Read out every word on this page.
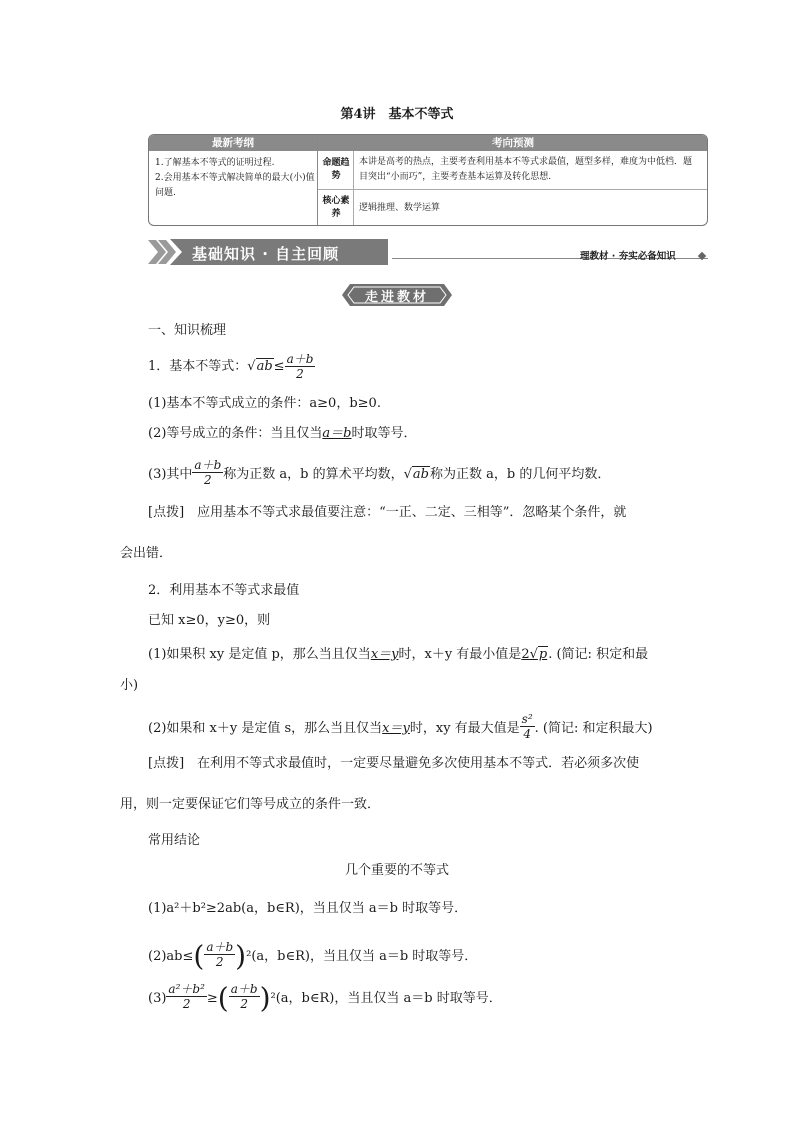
第4讲　基本不等式
最新考纲	考向预测
1.了解基本不等式的证明过程.
2.会用基本不等式解决简单的最大(小)值问题.
命题趋势
本讲是高考的热点，主要考查利用基本不等式求最值，题型多样，难度为中低档．题目突出“小而巧”，主要考查基本运算及转化思想.
核心素养
逻辑推理、数学运算
基础知识 · 自主回顾	理教材 · 夯实必备知识
走进教材
一、知识梳理
1．基本不等式：$√ab\le \frac{a+b}{2}$
(1)基本不等式成立的条件：a≥0，b≥0.
(2)等号成立的条件：当且仅当a＝b时取等号．
(3)其中 $\frac{a+b}{2}$ 称为正数 a，b 的算术平均数，√ab称为正数 a，b 的几何平均数．
[点拨]　应用基本不等式求最值要注意：“一正、二定、三相等”．忽略某个条件，就
会出错．
2．利用基本不等式求最值
已知 x≥0，y≥0，则
(1)如果积 xy 是定值 p，那么当且仅当x＝y时，x＋y 有最小值是2√p. (简记: 积定和最
小)
(2)如果和 x＋y 是定值 s，那么当且仅当x＝y时，xy 有最大值是 $\frac{\text{s²}}{4}$ . (简记: 和定积最大)
[点拨]　在利用不等式求最值时，一定要尽量避免多次使用基本不等式．若必须多次使
用，则一定要保证它们等号成立的条件一致．
常用结论
几个重要的不等式
(1)a²＋b²≥2ab(a，b∈R)，当且仅当 a＝b 时取等号．
$(2)ab\le( \frac{a+b}{2} )^2(a$，b∈R)，当且仅当 a＝b 时取等号．
$(3) \frac{\text{a²＋b²}}{2}$ ≥( $\frac{a+b}{2} )^2(a$，b∈R)，当且仅当 a＝b 时取等号．
